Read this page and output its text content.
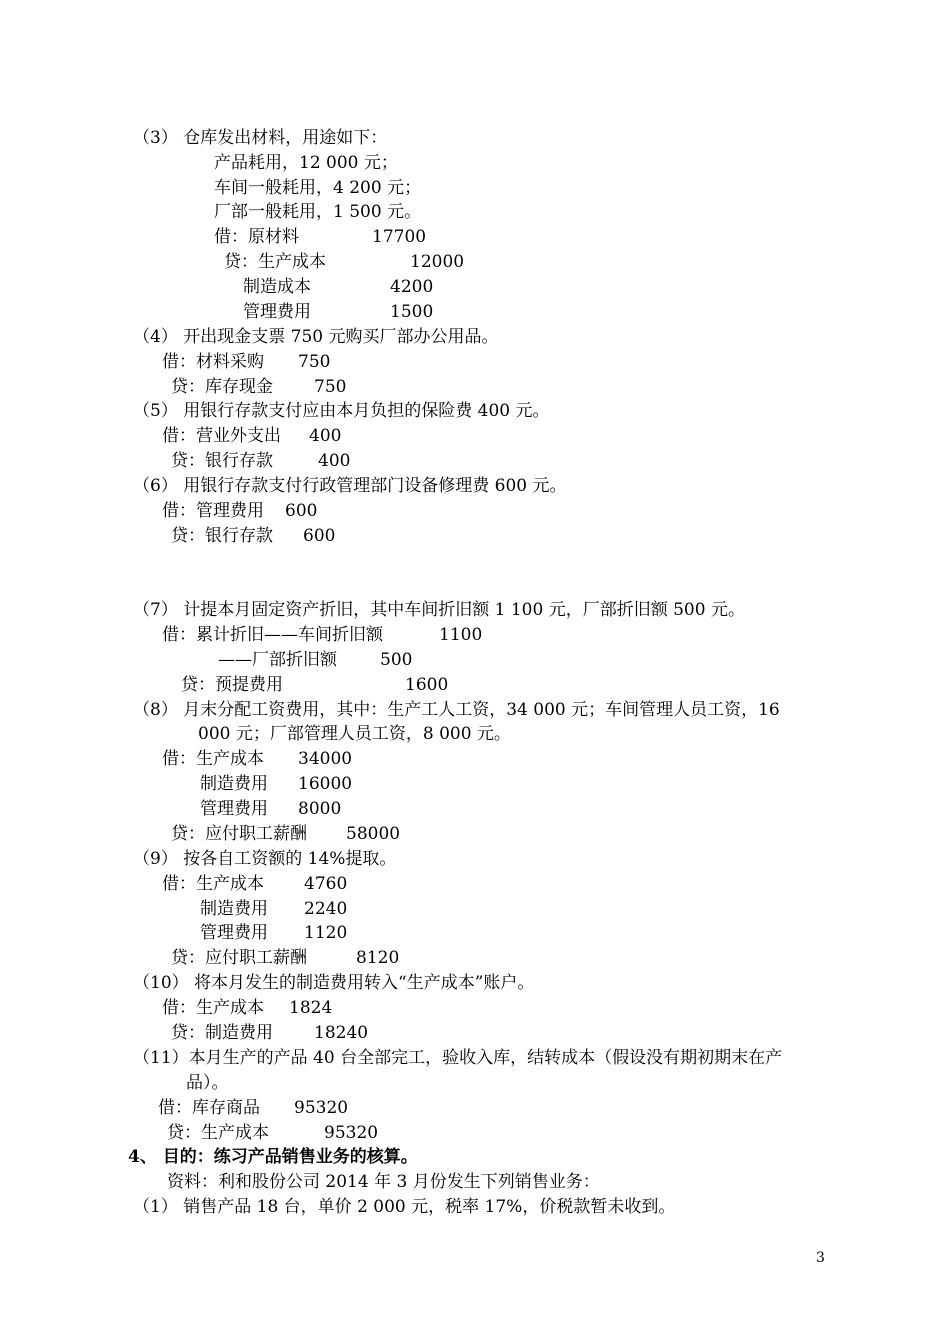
（3） 仓库发出材料，用途如下：
产品耗用，12 000 元；
车间一般耗用，4 200 元；
厂部一般耗用，1 500 元。
借：原材料	17700
贷：生产成本	12000
制造成本	4200
管理费用	1500
（4） 开出现金支票 750 元购买厂部办公用品。
借：材料采购 750
贷：库存现金 750
（5） 用银行存款支付应由本月负担的保险费 400 元。
借：营业外支出 400
贷：银行存款	400
（6） 用银行存款支付行政管理部门设备修理费 600 元。
借：管理费用 600
贷：银行存款 600
（7） 计提本月固定资产折旧，其中车间折旧额 1 100 元，厂部折旧额 500 元。
借：累计折旧——车间折旧额	1100
——厂部折旧额	500
贷：预提费用	1600
（8） 月末分配工资费用，其中：生产工人工资，34 000 元；车间管理人员工资，16
000 元；厂部管理人员工资，8 000 元。
借：生产成本 34000
制造费用 16000
管理费用 8000
贷：应付职工薪酬 58000
（9） 按各自工资额的 14%提取。
借：生产成本 4760
制造费用 2240
管理费用 1120
贷：应付职工薪酬	8120
（10） 将本月发生的制造费用转入“生产成本”账户。
借：生产成本 1824
贷：制造费用 18240
（11）本月生产的产品 40 台全部完工，验收入库，结转成本（假设没有期初期末在产
品）。
借：库存商品 95320
贷：生产成本	95320
4、 目的：练习产品销售业务的核算。
资料：利和股份公司 2014 年 3 月份发生下列销售业务：
（1） 销售产品 18 台，单价 2 000 元，税率 17%，价税款暂未收到。
3
